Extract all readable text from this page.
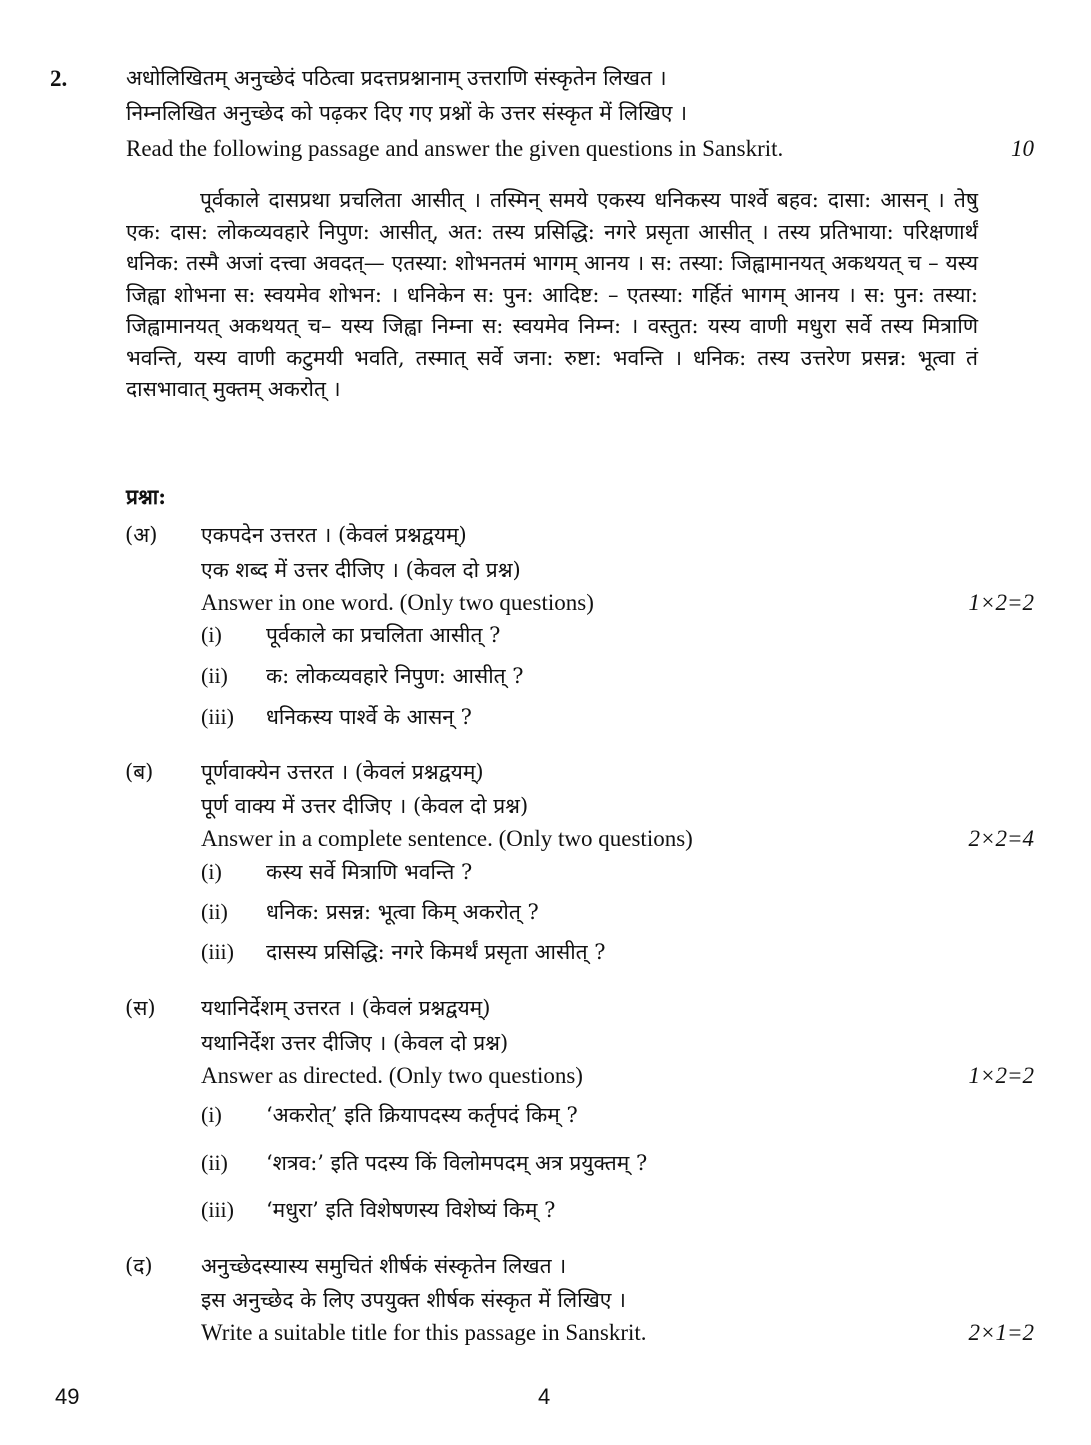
2.	अधोलिखितम् अनुच्छेदं पठित्वा प्रदत्तप्रश्नानाम् उत्तराणि संस्कृतेन लिखत ।
निम्नलिखित अनुच्छेद को पढ़कर दिए गए प्रश्नों के उत्तर संस्कृत में लिखिए ।
Read the following passage and answer the given questions in Sanskrit.	10
पूर्वकाले दासप्रथा प्रचलिता आसीत् । तस्मिन् समये एकस्य धनिकस्य पार्श्वे बहव: दासा: आसन् । तेषु एक: दास: लोकव्यवहारे निपुण: आसीत्, अत: तस्य प्रसिद्धि: नगरे प्रसृता आसीत् । तस्य प्रतिभाया: परिक्षणार्थं धनिक: तस्मै अजां दत्त्वा अवदत्— एतस्या: शोभनतमं भागम् आनय । स: तस्या: जिह्वामानयत् अकथयत् च – यस्य जिह्वा शोभना स: स्वयमेव शोभन: । धनिकेन स: पुन: आदिष्ट: – एतस्या: गर्हितं भागम् आनय । स: पुन: तस्या: जिह्वामानयत् अकथयत् च– यस्य जिह्वा निम्ना स: स्वयमेव निम्न: । वस्तुत: यस्य वाणी मधुरा सर्वे तस्य मित्राणि भवन्ति, यस्य वाणी कटुमयी भवति, तस्मात् सर्वे जना: रुष्टा: भवन्ति । धनिक: तस्य उत्तरेण प्रसन्न: भूत्वा तं दासभावात् मुक्तम् अकरोत् ।
प्रश्ना:
(अ) एकपदेन उत्तरत । (केवलं प्रश्नद्वयम्)
एक शब्द में उत्तर दीजिए । (केवल दो प्रश्न)
Answer in one word. (Only two questions)	1×2=2
(i) पूर्वकाले का प्रचलिता आसीत् ?
(ii) क: लोकव्यवहारे निपुण: आसीत् ?
(iii) धनिकस्य पार्श्वे के आसन् ?
(ब) पूर्णवाक्येन उत्तरत । (केवलं प्रश्नद्वयम्)
पूर्ण वाक्य में उत्तर दीजिए । (केवल दो प्रश्न)
Answer in a complete sentence. (Only two questions)	2×2=4
(i) कस्य सर्वे मित्राणि भवन्ति ?
(ii) धनिक: प्रसन्न: भूत्वा किम् अकरोत् ?
(iii) दासस्य प्रसिद्धि: नगरे किमर्थं प्रसृता आसीत् ?
(स) यथानिर्देशम् उत्तरत । (केवलं प्रश्नद्वयम्)
यथानिर्देश उत्तर दीजिए । (केवल दो प्रश्न)
Answer as directed. (Only two questions)	1×2=2
(i) ‘अकरोत्’ इति क्रियापदस्य कर्तृपदं किम् ?
(ii) ‘शत्रव:’ इति पदस्य किं विलोमपदम् अत्र प्रयुक्तम् ?
(iii) ‘मधुरा’ इति विशेषणस्य विशेष्यं किम् ?
(द) अनुच्छेदस्यास्य समुचितं शीर्षकं संस्कृतेन लिखत ।
इस अनुच्छेद के लिए उपयुक्त शीर्षक संस्कृत में लिखिए ।
Write a suitable title for this passage in Sanskrit.	2×1=2
49	4
